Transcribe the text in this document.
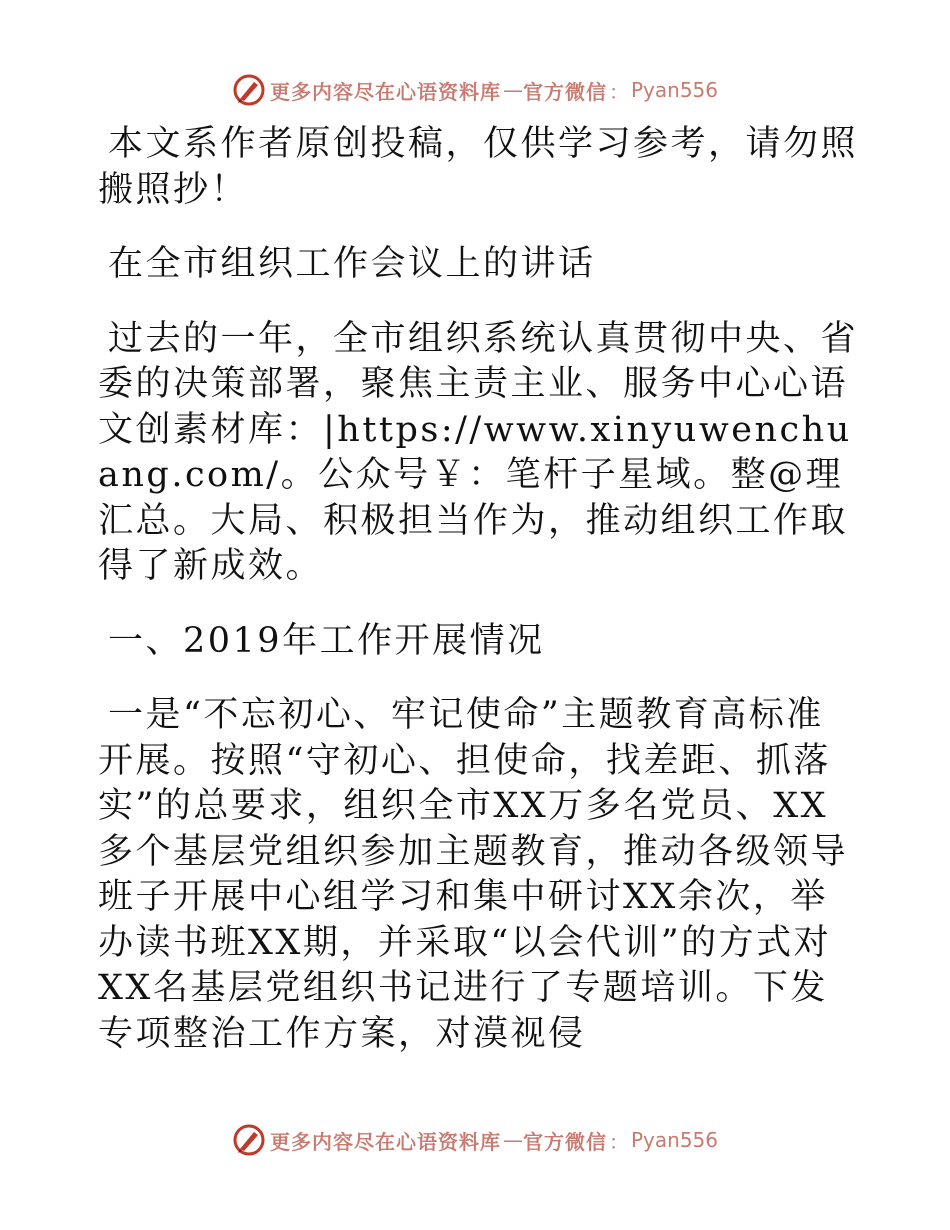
更多内容尽在心语资料库 — 官方微信 ： Pyan556

本文系作者原创投稿，仅供学习参考，请勿照搬照抄！

在全市组织工作会议上的讲话

过去的一年，全市组织系统认真贯彻中央、省委的决策部署，聚焦主责主业、服务中心心语文创素材库：|https://www.xinyuwenchuang.com/。公众号￥：笔杆子星域。整@理汇总。大局、积极担当作为，推动组织工作取得了新成效。

一、2019年工作开展情况

一是“不忘初心、牢记使命”主题教育高标准开展。按照“守初心、担使命，找差距、抓落实”的总要求，组织全市XX万多名党员、XX多个基层党组织参加主题教育，推动各级领导班子开展中心组学习和集中研讨XX余次，举办读书班XX期，并采取“以会代训”的方式对XX名基层党组织书记进行了专题培训。下发专项整治工作方案，对漠视侵

更多内容尽在心语资料库 — 官方微信 ： Pyan556
